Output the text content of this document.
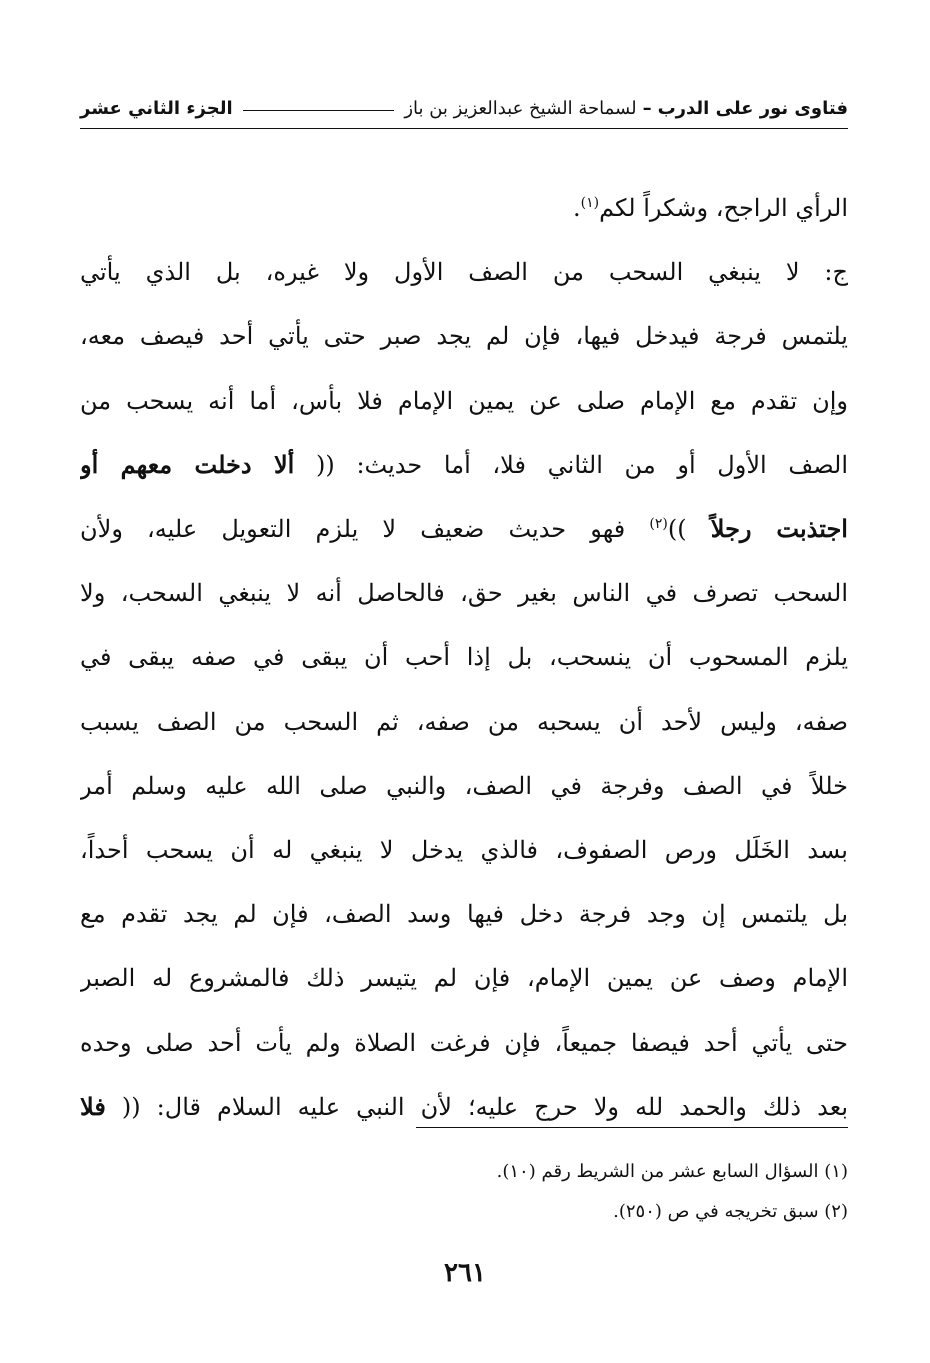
فتاوى نور على الدرب
–
لسماحة الشيخ عبدالعزيز بن باز
الجزء الثاني عشر
الرأي الراجح، وشكراً لكم$^{(١)}$.
ج: لا ينبغي السحب من الصف الأول ولا غيره، بل الذي يأتي
يلتمس فرجة فيدخل فيها، فإن لم يجد صبر حتى يأتي أحد فيصف معه،
وإن تقدم مع الإمام صلى عن يمين الإمام فلا بأس، أما أنه يسحب من
الصف الأول أو من الثاني فلا، أما حديث: (( ألا دخلت معهم أو
اجتذبت رجلاً ))$^{(٢)}$ فهو حديث ضعيف لا يلزم التعويل عليه، ولأن
السحب تصرف في الناس بغير حق، فالحاصل أنه لا ينبغي السحب، ولا
يلزم المسحوب أن ينسحب، بل إذا أحب أن يبقى في صفه يبقى في
صفه، وليس لأحد أن يسحبه من صفه، ثم السحب من الصف يسبب
خللاً في الصف وفرجة في الصف، والنبي صلى الله عليه وسلم أمر
بسد الخَلَل ورص الصفوف، فالذي يدخل لا ينبغي له أن يسحب أحداً،
بل يلتمس إن وجد فرجة دخل فيها وسد الصف، فإن لم يجد تقدم مع
الإمام وصف عن يمين الإمام، فإن لم يتيسر ذلك فالمشروع له الصبر
حتى يأتي أحد فيصفا جميعاً، فإن فرغت الصلاة ولم يأت أحد صلى وحده
بعد ذلك والحمد لله ولا حرج عليه؛ لأن النبي عليه السلام قال: (( فلا
(١) السؤال السابع عشر من الشريط رقم (١٠).
(٢) سبق تخريجه في ص (٢٥٠).
٢٦١
